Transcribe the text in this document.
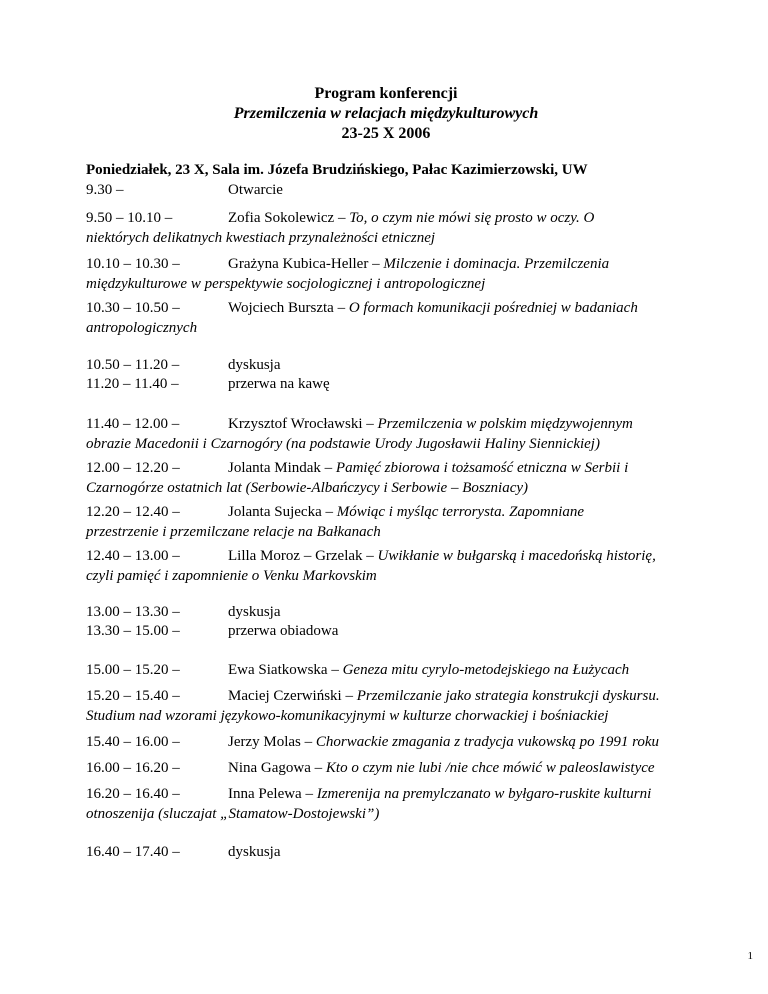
Program konferencji

Przemilczenia w relacjach międzykulturowych

23-25 X 2006

Poniedziałek, 23 X, Sala im. Józefa Brudzińskiego, Pałac Kazimierzowski, UW
9.30 –	Otwarcie
9.50 – 10.10 –	Zofia Sokolewicz – To, o czym nie mówi się prosto w oczy. O
niektórych delikatnych kwestiach przynależności etnicznej
10.10 – 10.30 –	Grażyna Kubica-Heller – Milczenie i dominacja. Przemilczenia
międzykulturowe w perspektywie socjologicznej i antropologicznej
10.30 – 10.50 –	Wojciech Burszta – O formach komunikacji pośredniej w badaniach
antropologicznych
10.50 – 11.20 –	dyskusja
11.20 – 11.40 –	przerwa na kawę
11.40 – 12.00 –	Krzysztof Wrocławski – Przemilczenia w polskim międzywojennym
obrazie Macedonii i Czarnogóry (na podstawie Urody Jugosławii Haliny Siennickiej)
12.00 – 12.20 –	Jolanta Mindak – Pamięć zbiorowa i tożsamość etniczna w Serbii i
Czarnogórze ostatnich lat (Serbowie-Albańczycy i Serbowie – Boszniacy)
12.20 – 12.40 –	Jolanta Sujecka – Mówiąc i myśląc terrorysta. Zapomniane
przestrzenie i przemilczane relacje na Bałkanach
12.40 – 13.00 –	Lilla Moroz – Grzelak – Uwikłanie w bułgarską i macedońską historię,
czyli pamięć i zapomnienie o Venku Markovskim
13.00 – 13.30 –	dyskusja
13.30 – 15.00 –	przerwa obiadowa
15.00 – 15.20 –	Ewa Siatkowska – Geneza mitu cyrylo-metodejskiego na Łużycach
15.20 – 15.40 –	Maciej Czerwiński – Przemilczanie jako strategia konstrukcji dyskursu.
Studium nad wzorami językowo-komunikacyjnymi w kulturze chorwackiej i bośniackiej
15.40 – 16.00 –	Jerzy Molas – Chorwackie zmagania z tradycja vukowską po 1991 roku
16.00 – 16.20 –	Nina Gagowa – Kto o czym nie lubi /nie chce mówić w paleoslawistyce
16.20 – 16.40 –	Inna Pelewa – Izmerenija na premylczanato w byłgaro-ruskite kulturni
otnoszenija (sluczajat „Stamatow-Dostojewski”)
16.40 – 17.40 –	dyskusja
1
